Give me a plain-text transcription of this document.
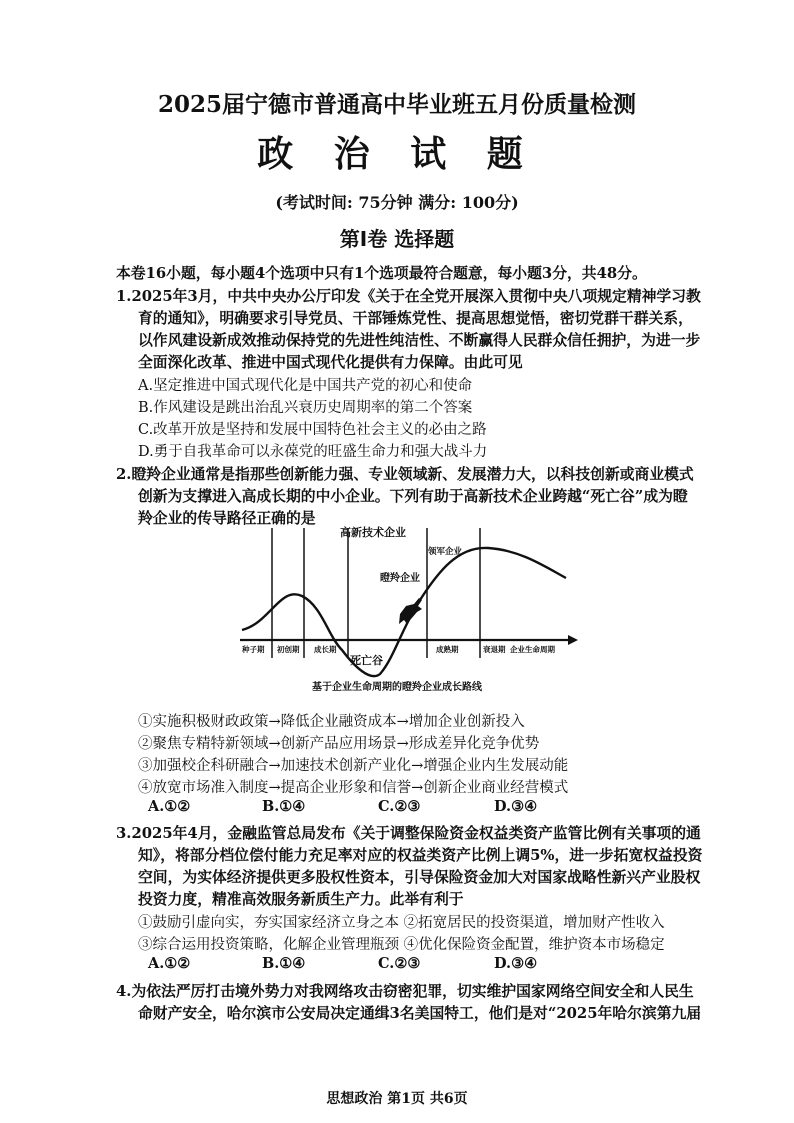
2025届宁德市普通高中毕业班五月份质量检测
政 治 试 题
(考试时间: 75分钟 满分: 100分)
第Ⅰ卷 选择题
本卷16小题，每小题4个选项中只有1个选项最符合题意，每小题3分，共48分。
1.2025年3月，中共中央办公厅印发《关于在全党开展深入贯彻中央八项规定精神学习教
育的通知》，明确要求引导党员、干部锤炼党性、提高思想觉悟，密切党群干群关系，
以作风建设新成效推动保持党的先进性纯洁性、不断赢得人民群众信任拥护，为进一步
全面深化改革、推进中国式现代化提供有力保障。由此可见
A.坚定推进中国式现代化是中国共产党的初心和使命
B.作风建设是跳出治乱兴衰历史周期率的第二个答案
C.改革开放是坚持和发展中国特色社会主义的必由之路
D.勇于自我革命可以永葆党的旺盛生命力和强大战斗力
2.瞪羚企业通常是指那些创新能力强、专业领域新、发展潜力大，以科技创新或商业模式
创新为支撑进入高成长期的中小企业。下列有助于高新技术企业跨越“死亡谷”成为瞪
羚企业的传导路径正确的是
高新技术企业
领军企业
瞪羚企业
死亡谷
种子期 初创期 成长期	成熟期	衰退期 企业生命周期
基于企业生命周期的瞪羚企业成长路线
①实施积极财政政策→降低企业融资成本→增加企业创新投入
②聚焦专精特新领域→创新产品应用场景→形成差异化竞争优势
③加强校企科研融合→加速技术创新产业化→增强企业内生发展动能
④放宽市场准入制度→提高企业形象和信誉→创新企业商业经营模式
A.①②	B.①④	C.②③	D.③④
3.2025年4月，金融监管总局发布《关于调整保险资金权益类资产监管比例有关事项的通
知》，将部分档位偿付能力充足率对应的权益类资产比例上调5%，进一步拓宽权益投资
空间，为实体经济提供更多股权性资本，引导保险资金加大对国家战略性新兴产业股权
投资力度，精准高效服务新质生产力。此举有利于
①鼓励引虚向实，夯实国家经济立身之本 ②拓宽居民的投资渠道，增加财产性收入
③综合运用投资策略，化解企业管理瓶颈 ④优化保险资金配置，维护资本市场稳定
A.①②	B.①④	C.②③	D.③④
4.为依法严厉打击境外势力对我网络攻击窃密犯罪，切实维护国家网络空间安全和人民生
命财产安全，哈尔滨市公安局决定通缉3名美国特工，他们是对“2025年哈尔滨第九届
思想政治 第1页 共6页
